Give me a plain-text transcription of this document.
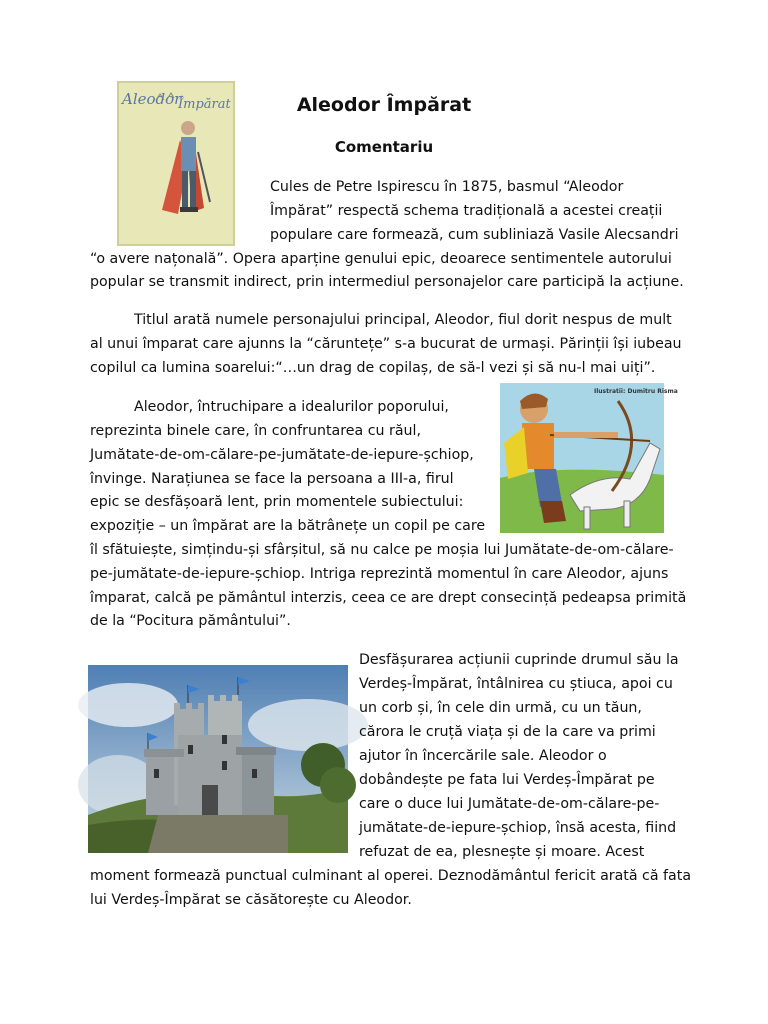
Aleodor
Împărat	Aleodor Împărat
Comentariu
Cules de Petre Ispirescu în 1875, basmul “Aleodor
Împărat” respectă schema tradițională a acestei creații
populare care formează, cum subliniază Vasile Alecsandri
“o avere națonală”. Opera aparține genului epic, deoarece sentimentele autorului
popular se transmit indirect, prin intermediul personajelor care participă la acțiune.
Titlul arată numele personajului principal, Aleodor, fiul dorit nespus de mult
al unui împarat care ajunns la “căruntețe” s-a bucurat de urmași. Părinții își iubeau
copilul ca lumina soarelui:“…un drag de copilaș, de să-l vezi și să nu-l mai uiți”.
Ilustratii: Dumitru Risma
Aleodor, întruchipare a idealurilor poporului,
reprezinta binele care, în confruntarea cu răul,
Jumătate-de-om-călare-pe-jumătate-de-iepure-șchiop,
învinge. Narațiunea se face la persoana a III-a, firul
epic se desfășoară lent, prin momentele subiectului:
expoziție – un împărat are la bătrânețe un copil pe care
îl sfătuiește, simțindu-și sfârșitul, să nu calce pe moșia lui Jumătate-de-om-călare-
pe-jumătate-de-iepure-șchiop. Intriga reprezintă momentul în care Aleodor, ajuns
împarat, calcă pe pământul interzis, ceea ce are drept consecință pedeapsa primită
de la “Pocitura pământului”.
Desfășurarea acțiunii cuprinde drumul său la
Verdeș-Împărat, întâlnirea cu știuca, apoi cu
un corb și, în cele din urmă, cu un tăun,
cărora le cruță viața și de la care va primi
ajutor în încercările sale. Aleodor o
dobândește pe fata lui Verdeș-Împărat pe
care o duce lui Jumătate-de-om-călare-pe-
jumătate-de-iepure-șchiop, însă acesta, fiind
refuzat de ea, plesnește și moare. Acest
moment formează punctual culminant al operei. Deznodământul fericit arată că fata
lui Verdeș-Împărat se căsătorește cu Aleodor.
